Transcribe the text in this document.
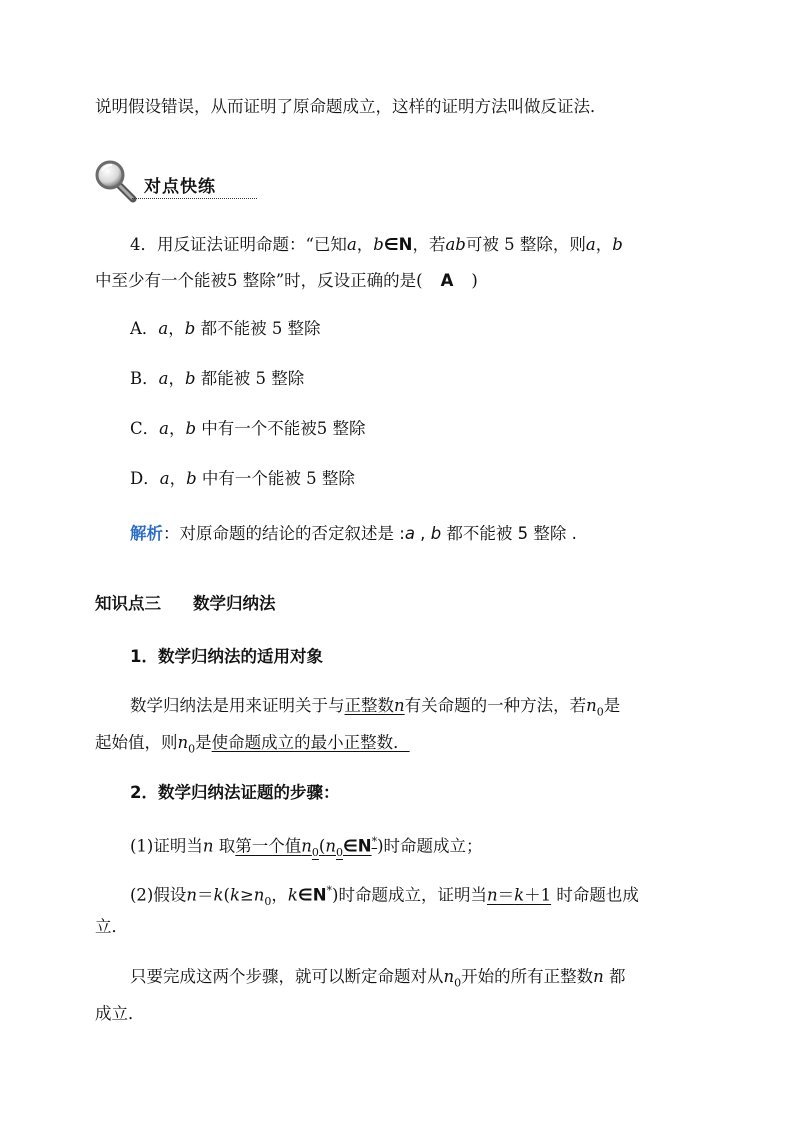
说明假设错误，从而证明了原命题成立，这样的证明方法叫做反证法．
对点快练
4．用反证法证明命题：“已知a，b∈N，若ab可被 5 整除，则a，b
中至少有一个能被5 整除”时，反设正确的是( A )
A．a，b 都不能被 5 整除
B．a，b 都能被 5 整除
C．a，b 中有一个不能被5 整除
D．a，b 中有一个能被 5 整除
解析：对原命题的结论的否定叙述是 :a , b 都不能被 5 整除 .
知识点三 数学归纳法
1．数学归纳法的适用对象
数学归纳法是用来证明关于与正整数n有关命题的一种方法，若$n_0$是
起始值，则$n_0$是使命题成立的最小正整数．
2．数学归纳法证题的步骤：
(1)证明当n 取第一个值$n_0(n_0\in N^*)$时命题成立；
(2)假设$n=k(k\ge n_0$，k∈N*)时命题成立，证明当n＝k＋1 时命题也成
立．
只要完成这两个步骤，就可以断定命题对从$n_0$开始的所有正整数n 都
成立．
